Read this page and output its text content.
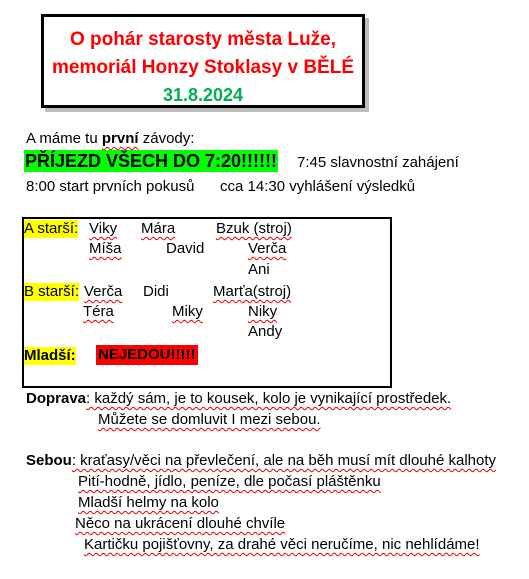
O pohár starosty města Luže,
memoriál Honzy Stoklasy v BĚLÉ
31.8.2024
A máme tu první závody:
PŘÍJEZD VŠECH DO 7:20!!!!!! 7:45 slavnostní zahájení
8:00 start prvních pokusů cca 14:30 vyhlášení výsledků
A starší: Viky Mára	Bzuk (stroj)
Míša	David	Verča
Ani
B starší: Verča Didi	Marťa(stroj)
Téra	Miky	Niky
Andy
Mladší: NEJEDOU!!!!!
Doprava: každý sám, je to kousek, kolo je vynikající prostředek.
Můžete se domluvit I mezi sebou.
Sebou: kraťasy/věci na převlečení, ale na běh musí mít dlouhé kalhoty
Pití-hodně, jídlo, peníze, dle počasí pláštěnku
Mladší helmy na kolo
Něco na ukrácení dlouhé chvíle
Kartičku pojišťovny, za drahé věci neručíme, nic nehlídáme!
